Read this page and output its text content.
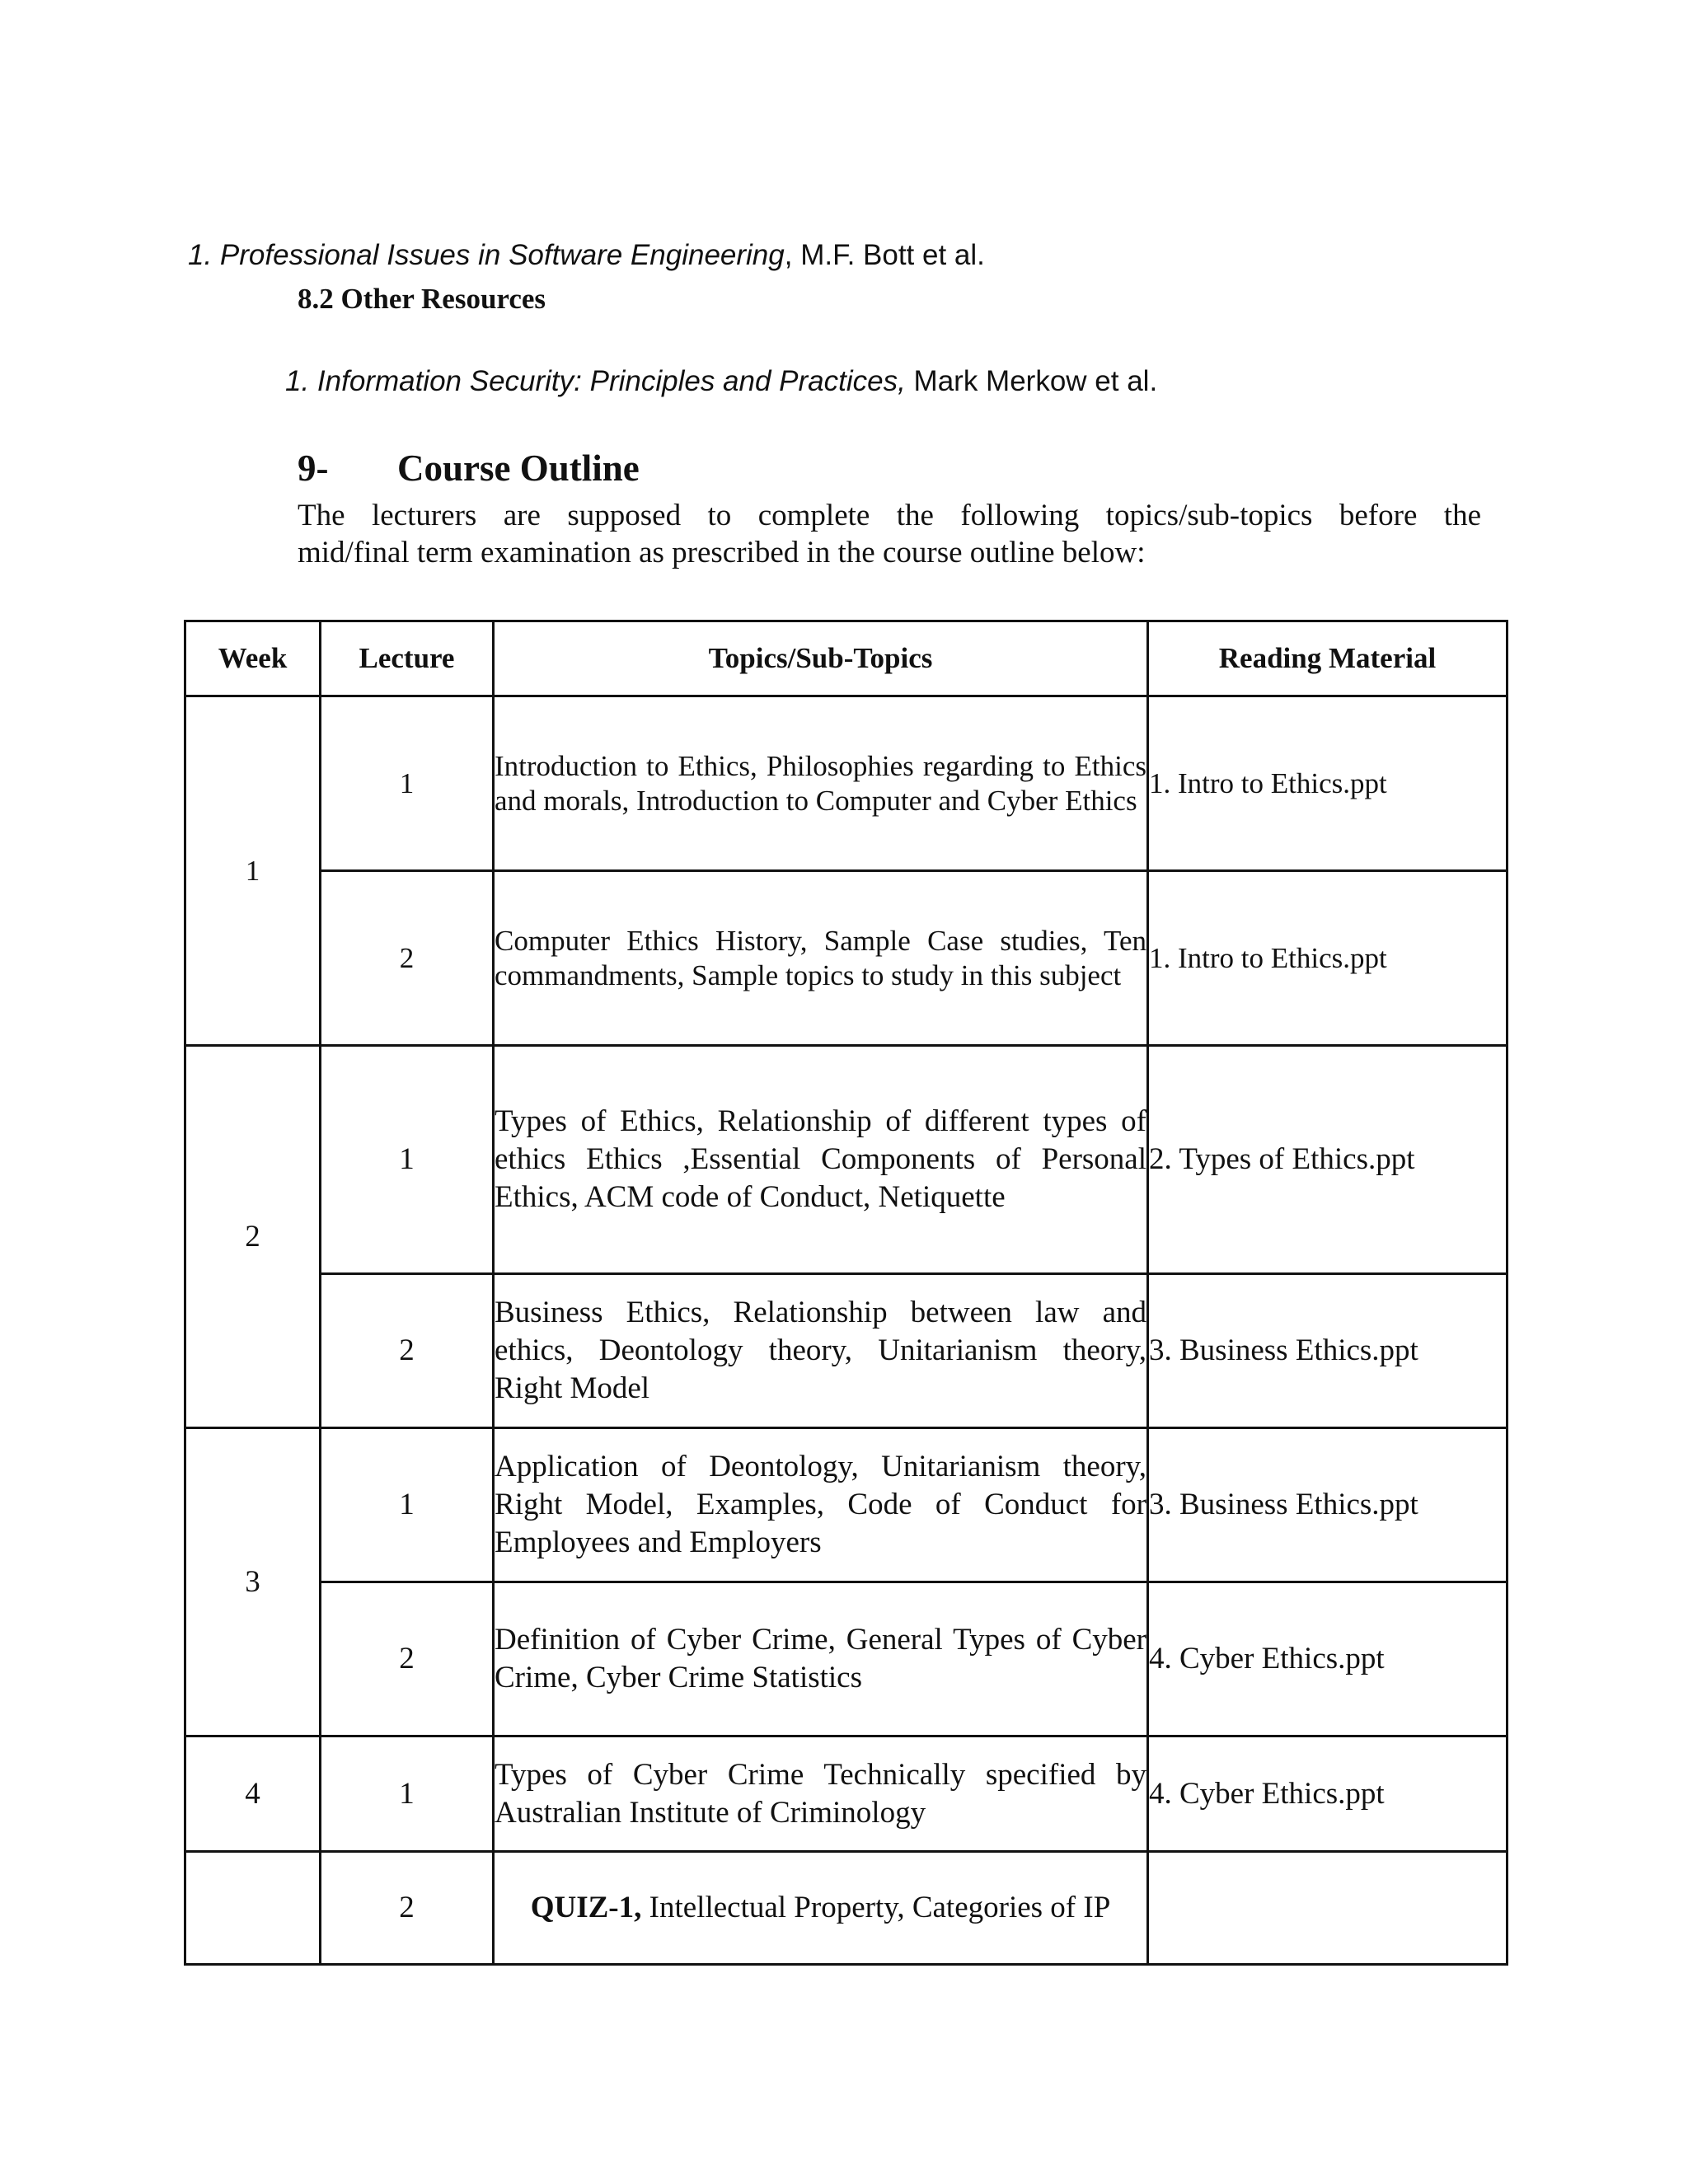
1. Professional Issues in Software Engineering, M.F. Bott et al.
8.2 Other Resources
1. Information Security: Principles and Practices, Mark Merkow et al.
9- Course Outline
The lecturers are supposed to complete the following topics/sub-topics before the
mid/final term examination as prescribed in the course outline below:
Week	Lecture	Topics/Sub-Topics	Reading Material
1	1	Introduction to Ethics, Philosophies regarding to Ethics and morals, Introduction to Computer and Cyber Ethics	1. Intro to Ethics.ppt
	2	Computer Ethics History, Sample Case studies, Ten commandments, Sample topics to study in this subject	1. Intro to Ethics.ppt
2	1	Types of Ethics, Relationship of different types of ethics Ethics ,Essential Components of Personal Ethics, ACM code of Conduct, Netiquette	2. Types of Ethics.ppt
	2	Business Ethics, Relationship between law and ethics, Deontology theory, Unitarianism theory, Right Model	3. Business Ethics.ppt
3	1	Application of Deontology, Unitarianism theory, Right Model, Examples, Code of Conduct for Employees and Employers	3. Business Ethics.ppt
	2	Definition of Cyber Crime, General Types of Cyber Crime, Cyber Crime Statistics	4. Cyber Ethics.ppt
4	1	Types of Cyber Crime Technically specified by Australian Institute of Criminology	4. Cyber Ethics.ppt
	2	QUIZ-1, Intellectual Property, Categories of IP	
